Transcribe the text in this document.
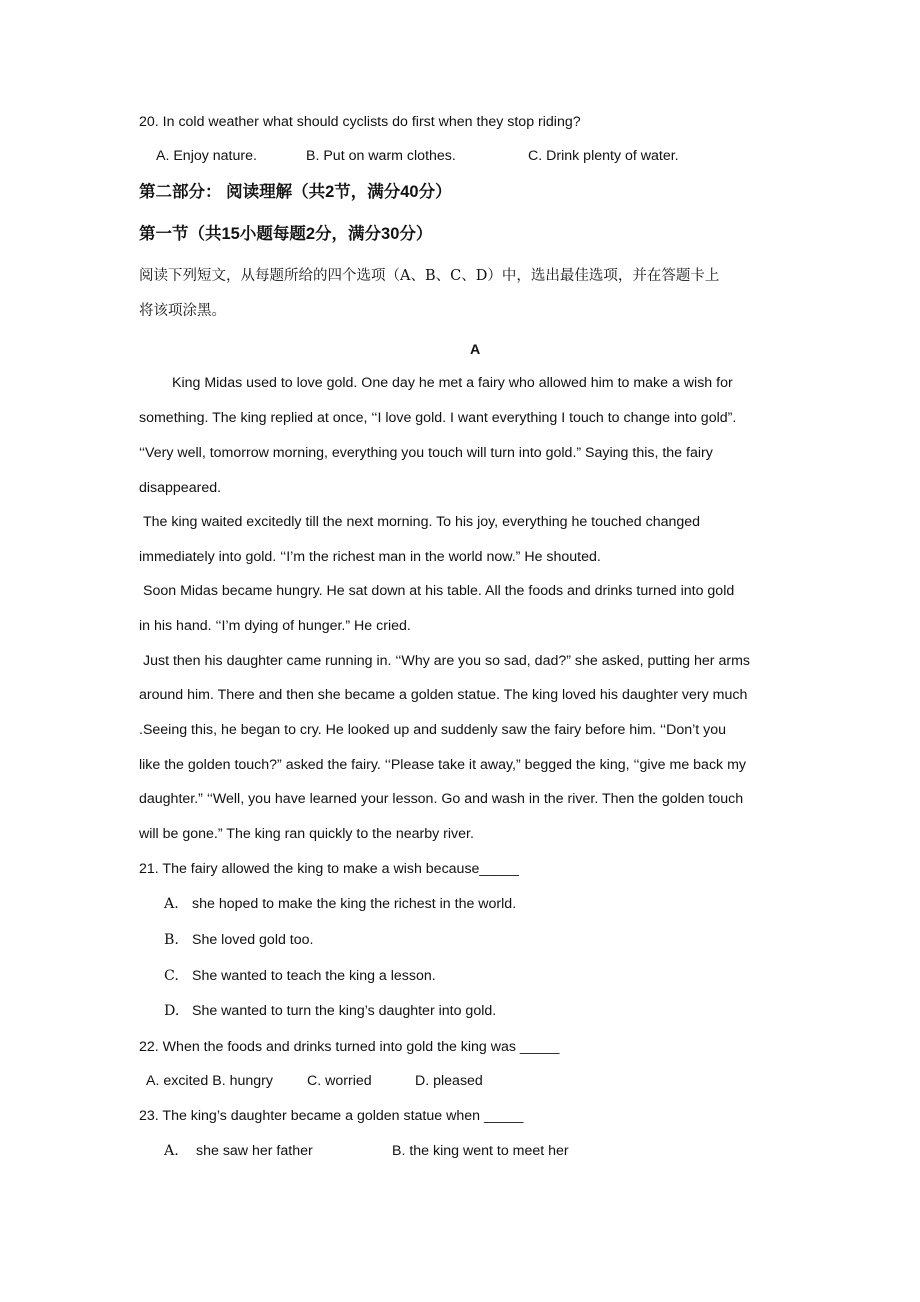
20. In cold weather what should cyclists do first when they stop riding?
A. Enjoy nature.	B. Put on warm clothes.	C. Drink plenty of water.
第二部分： 阅读理解（共2节，满分40分）
第一节（共15小题每题2分，满分30分）
阅读下列短文，从每题所给的四个选项（A、B、C、D）中，选出最佳选项，并在答题卡上
将该项涂黑。
A
King Midas used to love gold. One day he met a fairy who allowed him to make a wish for
something. The king replied at once, ‘‘I love gold. I want everything I touch to change into gold”.
‘‘Very well, tomorrow morning, everything you touch will turn into gold.” Saying this, the fairy
disappeared.
The king waited excitedly till the next morning. To his joy, everything he touched changed
immediately into gold. ‘‘I’m the richest man in the world now.” He shouted.
Soon Midas became hungry. He sat down at his table. All the foods and drinks turned into gold
in his hand. ‘‘I’m dying of hunger.” He cried.
Just then his daughter came running in. ‘‘Why are you so sad, dad?” she asked, putting her arms
around him. There and then she became a golden statue. The king loved his daughter very much
.Seeing this, he began to cry. He looked up and suddenly saw the fairy before him. ‘‘Don’t you
like the golden touch?” asked the fairy. ‘‘Please take it away,” begged the king, ‘‘give me back my
daughter.” ‘‘Well, you have learned your lesson. Go and wash in the river. Then the golden touch
will be gone.” The king ran quickly to the nearby river.
21. The fairy allowed the king to make a wish because_____
A. she hoped to make the king the richest in the world.
B. She loved gold too.
C. She wanted to teach the king a lesson.
D. She wanted to turn the king’s daughter into gold.
22. When the foods and drinks turned into gold the king was _____
A. excited B. hungry C. worried	D. pleased
23. The king’s daughter became a golden statue when _____
A. she saw her father	B. the king went to meet her
